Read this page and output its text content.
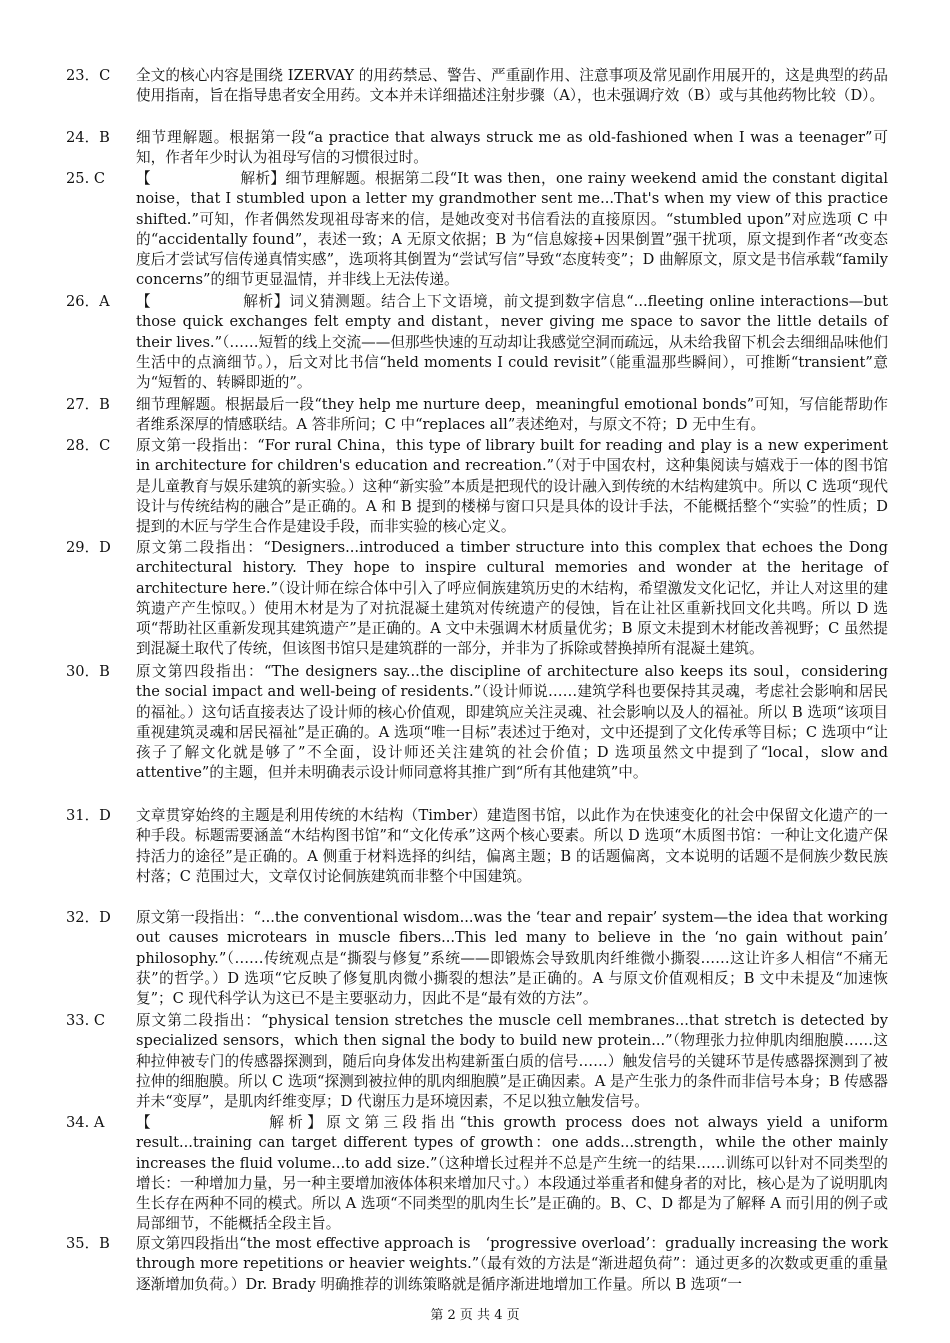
23．C	全文的核心内容是围绕 IZERVAY 的用药禁忌、警告、严重副作用、注意事项及常见副作用展开的，这是典型的药品使用指南，旨在指导患者安全用药。文本并未详细描述注射步骤（A），也未强调疗效（B）或与其他药物比较（D）。
24．B	细节理解题。根据第一段“a practice that always struck me as old-fashioned when I was a teenager”可知，作者年少时认为祖母写信的习惯很过时。
25. C	【　　　　　　解析】细节理解题。根据第二段“It was then，one rainy weekend amid the constant digital noise，that I stumbled upon a letter my grandmother sent me...That's when my view of this practice shifted.”可知，作者偶然发现祖母寄来的信，是她改变对书信看法的直接原因。“stumbled upon”对应选项 C 中的“accidentally found”，表述一致；A 无原文依据；B 为“信息嫁接+因果倒置”强干扰项，原文提到作者“改变态度后才尝试写信传递真情实感”，选项将其倒置为“尝试写信”导致“态度转变”；D 曲解原文，原文是书信承载“family concerns”的细节更显温情，并非线上无法传递。
26．A	【　　　　　　解析】词义猜测题。结合上下文语境，前文提到数字信息“...fleeting online interactions—but those quick exchanges felt empty and distant，never giving me space to savor the little details of their lives.”（……短暂的线上交流——但那些快速的互动却让我感觉空洞而疏远，从未给我留下机会去细细品味他们生活中的点滴细节。），后文对比书信“held moments I could revisit”（能重温那些瞬间），可推断“transient”意为“短暂的、转瞬即逝的”。
27．B	细节理解题。根据最后一段“they help me nurture deep，meaningful emotional bonds”可知，写信能帮助作者维系深厚的情感联结。A 答非所问；C 中“replaces all”表述绝对，与原文不符；D 无中生有。
28．C	原文第一段指出：“For rural China，this type of library built for reading and play is a new experiment in architecture for children's education and recreation.”（对于中国农村，这种集阅读与嬉戏于一体的图书馆是儿童教育与娱乐建筑的新实验。）这种“新实验”本质是把现代的设计融入到传统的木结构建筑中。所以 C 选项“现代设计与传统结构的融合”是正确的。A 和 B 提到的楼梯与窗口只是具体的设计手法，不能概括整个“实验”的性质；D 提到的木匠与学生合作是建设手段，而非实验的核心定义。
29．D	原文第二段指出：“Designers...introduced a timber structure into this complex that echoes the Dong architectural history. They hope to inspire cultural memories and wonder at the heritage of architecture here.”（设计师在综合体中引入了呼应侗族建筑历史的木结构，希望激发文化记忆，并让人对这里的建筑遗产产生惊叹。）使用木材是为了对抗混凝土建筑对传统遗产的侵蚀，旨在让社区重新找回文化共鸣。所以 D 选项“帮助社区重新发现其建筑遗产”是正确的。A 文中未强调木材质量优劣；B 原文未提到木材能改善视野；C 虽然提到混凝土取代了传统，但该图书馆只是建筑群的一部分，并非为了拆除或替换掉所有混凝土建筑。
30．B	原文第四段指出：“The designers say...the discipline of architecture also keeps its soul，considering the social impact and well-being of residents.”（设计师说……建筑学科也要保持其灵魂，考虑社会影响和居民的福祉。）这句话直接表达了设计师的核心价值观，即建筑应关注灵魂、社会影响以及人的福祉。所以 B 选项“该项目重视建筑灵魂和居民福祉”是正确的。A 选项“唯一目标”表述过于绝对，文中还提到了文化传承等目标；C 选项中“让孩子了解文化就是够了”不全面，设计师还关注建筑的社会价值；D 选项虽然文中提到了“local，slow and attentive”的主题，但并未明确表示设计师同意将其推广到“所有其他建筑”中。
31．D	文章贯穿始终的主题是利用传统的木结构（Timber）建造图书馆，以此作为在快速变化的社会中保留文化遗产的一种手段。标题需要涵盖“木结构图书馆”和“文化传承”这两个核心要素。所以 D 选项“木质图书馆：一种让文化遗产保持活力的途径”是正确的。A 侧重于材料选择的纠结，偏离主题；B 的话题偏离，文本说明的话题不是侗族少数民族村落；C 范围过大，文章仅讨论侗族建筑而非整个中国建筑。
32．D	原文第一段指出：“...the conventional wisdom...was the ‘tear and repair’ system—the idea that working out causes microtears in muscle fibers...This led many to believe in the ‘no gain without pain’ philosophy.”（……传统观点是“撕裂与修复”系统——即锻炼会导致肌肉纤维微小撕裂……这让许多人相信“不痛无获”的哲学。）D 选项“它反映了修复肌肉微小撕裂的想法”是正确的。A 与原文价值观相反；B 文中未提及“加速恢复”；C 现代科学认为这已不是主要驱动力，因此不是“最有效的方法”。
33. C	原文第二段指出：“physical tension stretches the muscle cell membranes...that stretch is detected by specialized sensors，which then signal the body to build new protein...”（物理张力拉伸肌肉细胞膜……这种拉伸被专门的传感器探测到，随后向身体发出构建新蛋白质的信号……）触发信号的关键环节是传感器探测到了被拉伸的细胞膜。所以 C 选项“探测到被拉伸的肌肉细胞膜”是正确因素。A 是产生张力的条件而非信号本身；B 传感器并未“变厚”，是肌肉纤维变厚；D 代谢压力是环境因素，不足以独立触发信号。
34. A	【　　　　　　解析】原文第三段指出“this growth process does not always yield a uniform result...training can target different types of growth：one adds...strength，while the other mainly increases the fluid volume...to add size.”（这种增长过程并不总是产生统一的结果……训练可以针对不同类型的增长：一种增加力量，另一种主要增加液体体积来增加尺寸。）本段通过举重者和健身者的对比，核心是为了说明肌肉生长存在两种不同的模式。所以 A 选项“不同类型的肌肉生长”是正确的。B、C、D 都是为了解释 A 而引用的例子或局部细节，不能概括全段主旨。
35．B	原文第四段指出“the most effective approach is　‘progressive overload’：gradually increasing the work through more repetitions or heavier weights.”（最有效的方法是“渐进超负荷”：通过更多的次数或更重的重量逐渐增加负荷。）Dr. Brady 明确推荐的训练策略就是循序渐进地增加工作量。所以 B 选项“一
第 2 页 共 4 页
